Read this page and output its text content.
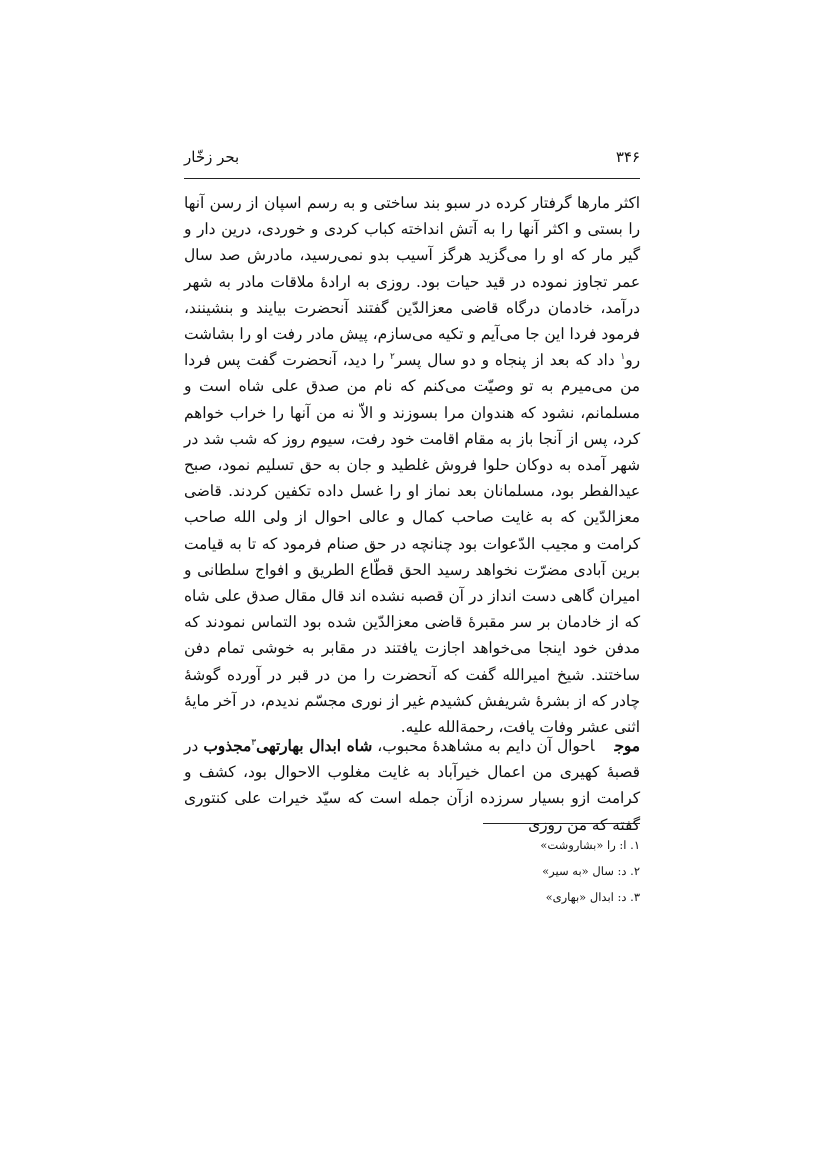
۳۴۶
بحر زخّار

اکثر مارها گرفتار کرده در سبو بند ساختی و به رسم اسپان از رسن آنها را بستی و اکثر آنها را به آتش انداخته کباب کردی و خوردی، درین دار و گیر مار که او را می‌گزید هرگز آسیب بدو نمی‌رسید، مادرش صد سال عمر تجاوز نموده در قید حیات بود. روزی به ارادهٔ ملاقات مادر به شهر درآمد، خادمان درگاه قاضی معزالدّین گفتند آنحضرت بیایند و بنشینند، فرمود فردا این جا می‌آیم و تکیه می‌سازم، پیش مادر رفت او را بشاشت رو$^۱$ داد که بعد از پنجاه و دو سال پسر$^۲$ را دید، آنحضرت گفت پس فردا من می‌میرم به تو وصیّت می‌کنم که نام من صدق علی شاه است و مسلمانم، نشود که هندوان مرا بسوزند و الاّ نه من آنها را خراب خواهم کرد، پس از آنجا باز به مقام اقامت خود رفت، سیوم روز که شب شد در شهر آمده به دوکان حلوا فروش غلطید و جان به حق تسلیم نمود، صبح عیدالفطر بود، مسلمانان بعد نماز او را غسل داده تکفین کردند. قاضی معزالدّین که به غایت صاحب کمال و عالی احوال از ولی الله صاحب کرامت و مجیب الدّعوات بود چنانچه در حق صنام فرمود که تا به قیامت برین آبادی مضرّت نخواهد رسید الحق قطّاع الطریق و افواج سلطانی و امیران گاهی دست انداز در آن قصبه نشده اند قال مقال صدق علی شاه که از خادمان بر سر مقبرهٔ قاضی معزالدّین شده بود التماس نمودند که مدفن خود اینجا می‌خواهد اجازت یافتند در مقابر به خوشی تمام دفن ساختند. شیخ امیرالله گفت که آنحضرت را من در قبر در آورده گوشهٔ چادر که از بشرهٔ شریفش کشیدم غیر از نوری مجسّم ندیدم، در آخر مایهٔ اثنی عشر وفات یافت، رحمةالله علیه.

موجاحوال آن دایم به مشاهدهٔ محبوب، شاه ابدال بهارتهی$^۳$مجذوب در قصبهٔ کهیری من اعمال خیرآباد به غایت مغلوب الاحوال بود، کشف و کرامت ازو بسیار سرزده ازآن جمله است که سیّد خیرات علی کنتوری گفته که من روزی

۱. ا: را «بشاروشت»
۲. د: سال «به سیر»
۳. د: ابدال «بهاری»
